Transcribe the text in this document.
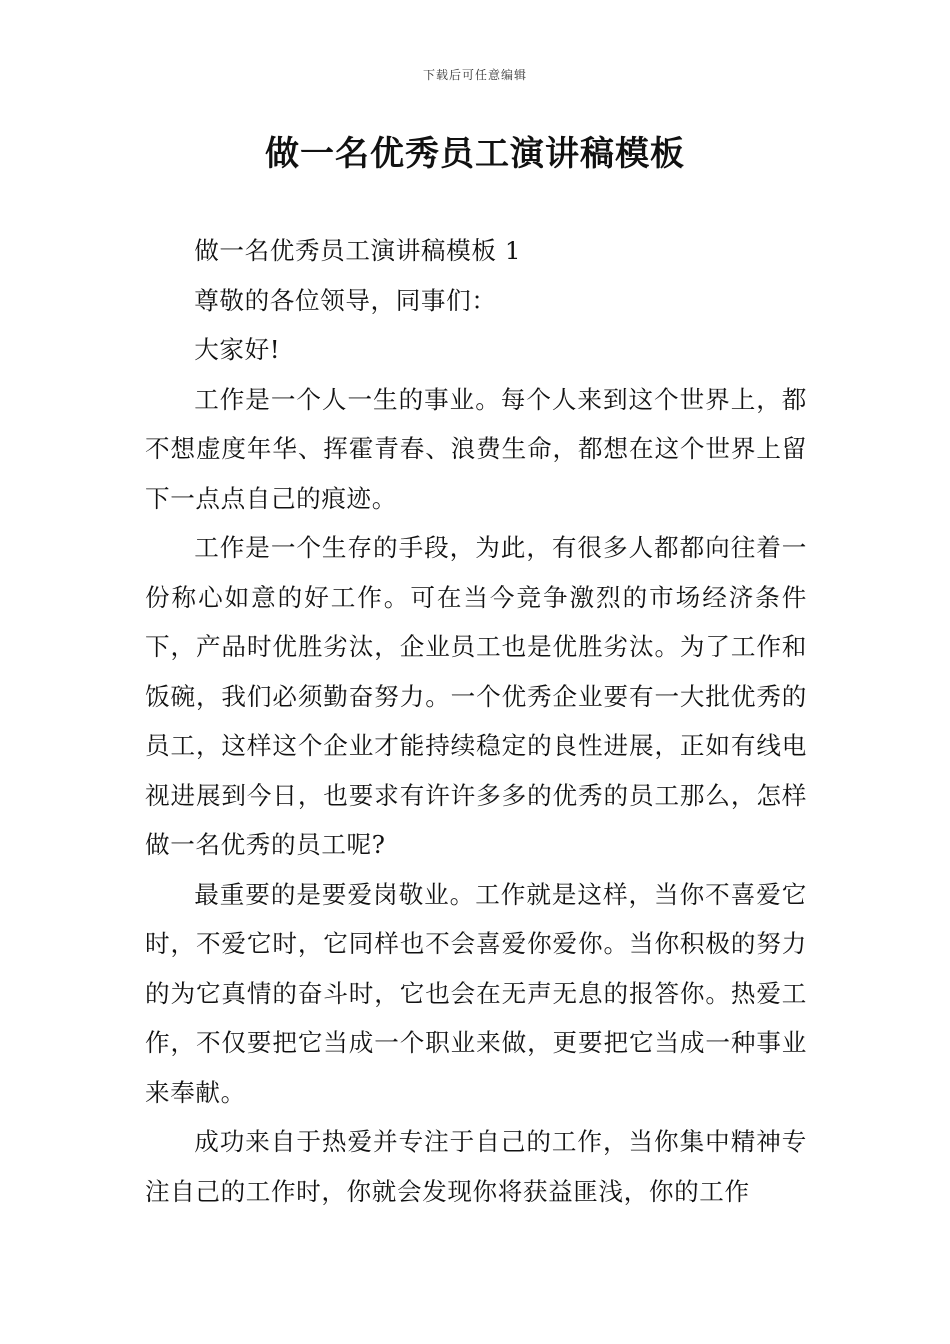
下载后可任意编辑
做一名优秀员工演讲稿模板

做一名优秀员工演讲稿模板 1

尊敬的各位领导，同事们：

大家好!

工作是一个人一生的事业。每个人来到这个世界上，都不想虚度年华、挥霍青春、浪费生命，都想在这个世界上留下一点点自己的痕迹。

工作是一个生存的手段，为此，有很多人都都向往着一份称心如意的好工作。可在当今竞争激烈的市场经济条件下，产品时优胜劣汰，企业员工也是优胜劣汰。为了工作和饭碗，我们必须勤奋努力。一个优秀企业要有一大批优秀的员工，这样这个企业才能持续稳定的良性进展，正如有线电视进展到今日，也要求有许许多多的优秀的员工那么，怎样做一名优秀的员工呢?

最重要的是要爱岗敬业。工作就是这样，当你不喜爱它时，不爱它时，它同样也不会喜爱你爱你。当你积极的努力的为它真情的奋斗时，它也会在无声无息的报答你。热爱工作，不仅要把它当成一个职业来做，更要把它当成一种事业来奉献。

成功来自于热爱并专注于自己的工作，当你集中精神专注自己的工作时，你就会发现你将获益匪浅，你的工作
